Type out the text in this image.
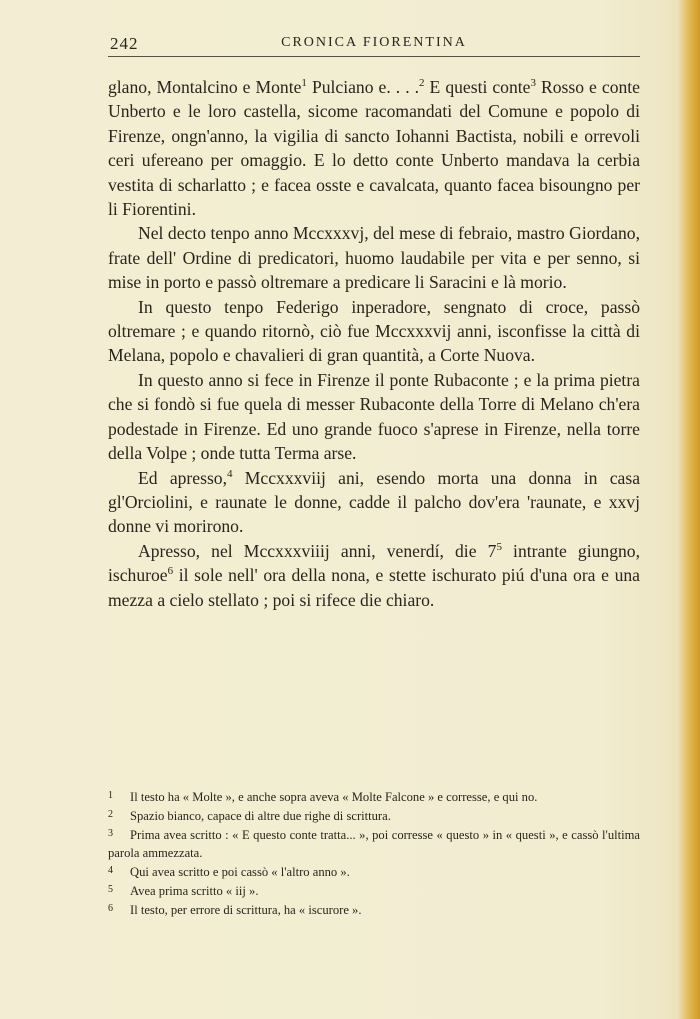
242	CRONICA FIORENTINA

glano, Montalcino e Monte$^1$ Pulciano e. . . .$^2$ E questi conte$^3$ Rosso e conte Unberto e le loro castella, sicome racomandati del Comune e popolo di Firenze, ongn'anno, la vigilia di sancto Iohanni Bactista, nobili e orrevoli ceri ufereano per omaggio. E lo detto conte Unberto mandava la cerbia vestita di scharlatto ; e facea osste e cavalcata, quanto facea bisoungno per li Fiorentini.

Nel decto tenpo anno Mccxxxvj, del mese di febraio, mastro Giordano, frate dell' Ordine di predicatori, huomo laudabile per vita e per senno, si mise in porto e passò oltremare a predicare li Saracini e là morio.

In questo tenpo Federigo inperadore, sengnato di croce, passò oltremare ; e quando ritornò, ciò fue Mccxxxvij anni, isconfisse la città di Melana, popolo e chavalieri di gran quantità, a Corte Nuova.

In questo anno si fece in Firenze il ponte Rubaconte ; e la prima pietra che si fondò si fue quela di messer Rubaconte della Torre di Melano ch'era podestade in Firenze. Ed uno grande fuoco s'aprese in Firenze, nella torre della Volpe ; onde tutta Terma arse.

Ed apresso,$^4$ Mccxxxviij ani, esendo morta una donna in casa gl'Orciolini, e raunate le donne, cadde il palcho dov'era 'raunate, e xxvj donne vi morirono.

Apresso, nel Mccxxxviiij anni, venerdí, die 7$^5$ intrante giungno, ischuroe$^6$ il sole nell' ora della nona, e stette ischurato piú d'una ora e una mezza a cielo stellato ; poi si rifece die chiaro.

1 Il testo ha « Molte », e anche sopra aveva « Molte Falcone » e corresse, e qui no.

2 Spazio bianco, capace di altre due righe di scrittura.

3 Prima avea scritto : « E questo conte tratta... », poi corresse « questo » in « questi », e cassò l'ultima parola ammezzata.

4 Qui avea scritto e poi cassò « l'altro anno ».

5 Avea prima scritto « iij ».

6 Il testo, per errore di scrittura, ha « iscurore ».
